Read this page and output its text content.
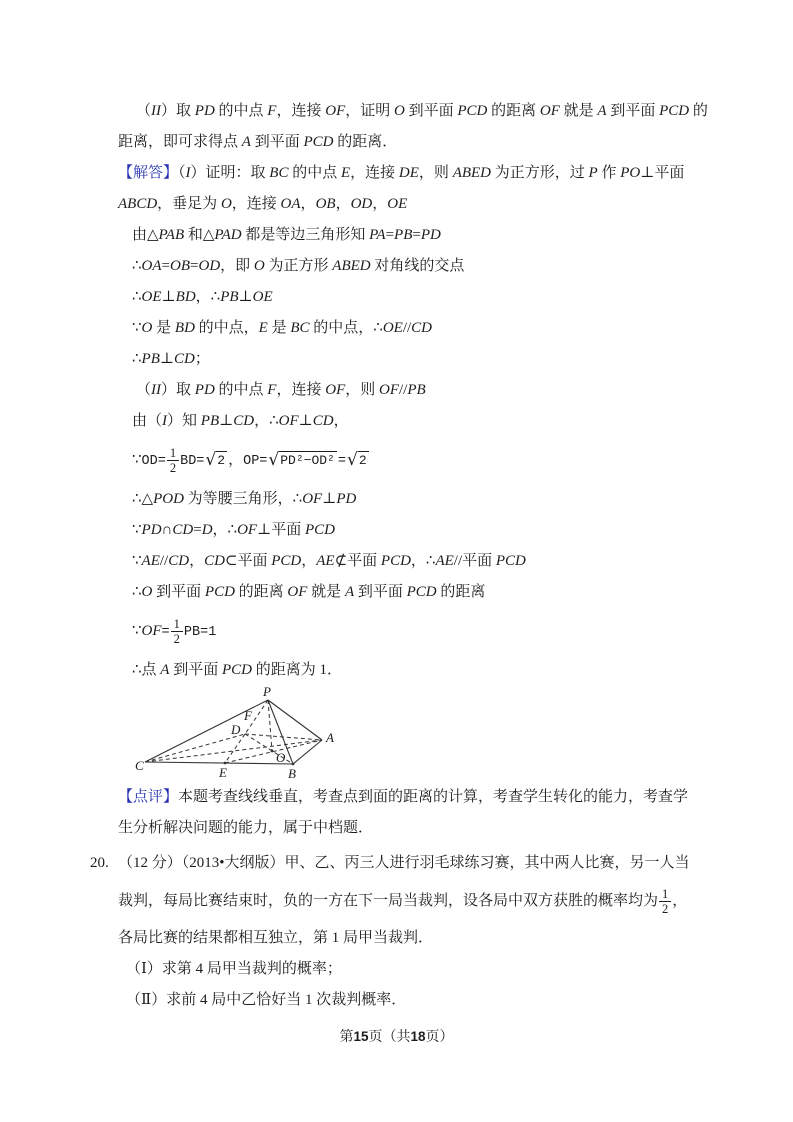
（II）取 PD 的中点 F，连接 OF，证明 O 到平面 PCD 的距离 OF 就是 A 到平面 PCD 的
距离，即可求得点 A 到平面 PCD 的距离．
【解答】（I）证明：取 BC 的中点 E，连接 DE，则 ABED 为正方形，过 P 作 PO⊥平面
ABCD，垂足为 O，连接 OA，OB，OD，OE
由△PAB 和△PAD 都是等边三角形知 PA=PB=PD
∴OA=OB=OD，即 O 为正方形 ABED 对角线的交点
∴OE⊥BD，∴PB⊥OE
∵O 是 BD 的中点，E 是 BC 的中点，∴OE//CD
∴PB⊥CD；
（II）取 PD 的中点 F，连接 OF，则 OF//PB
由（I）知 PB⊥CD，∴OF⊥CD，
∵OD= $\frac{1}{2} BD=$ √ 2 ，OP= √ PD²−OD² = √ 2
∴△POD 为等腰三角形，∴OF⊥PD
∵PD∩CD=D，∴OF⊥平面 PCD
∵AE//CD，CD⊂平面 PCD，AE⊄平面 PCD，∴AE//平面 PCD
∴O 到平面 PCD 的距离 OF 就是 A 到平面 PCD 的距离
∵OF= $\frac{1}{2} PB=1$
∴点 A 到平面 PCD 的距离为 1．
P
F
D
A
C	E
O
B
【点评】本题考查线线垂直，考查点到面的距离的计算，考查学生转化的能力，考查学
生分析解决问题的能力，属于中档题．
20. （12 分）（2013•大纲版）甲、乙、丙三人进行羽毛球练习赛，其中两人比赛，另一人当
裁判，每局比赛结束时，负的一方在下一局当裁判，设各局中双方获胜的概率均为 $\frac{1}{2}$ ，
各局比赛的结果都相互独立，第 1 局甲当裁判．
（Ⅰ）求第 4 局甲当裁判的概率；
（Ⅱ）求前 4 局中乙恰好当 1 次裁判概率．
第15页（共18页）
